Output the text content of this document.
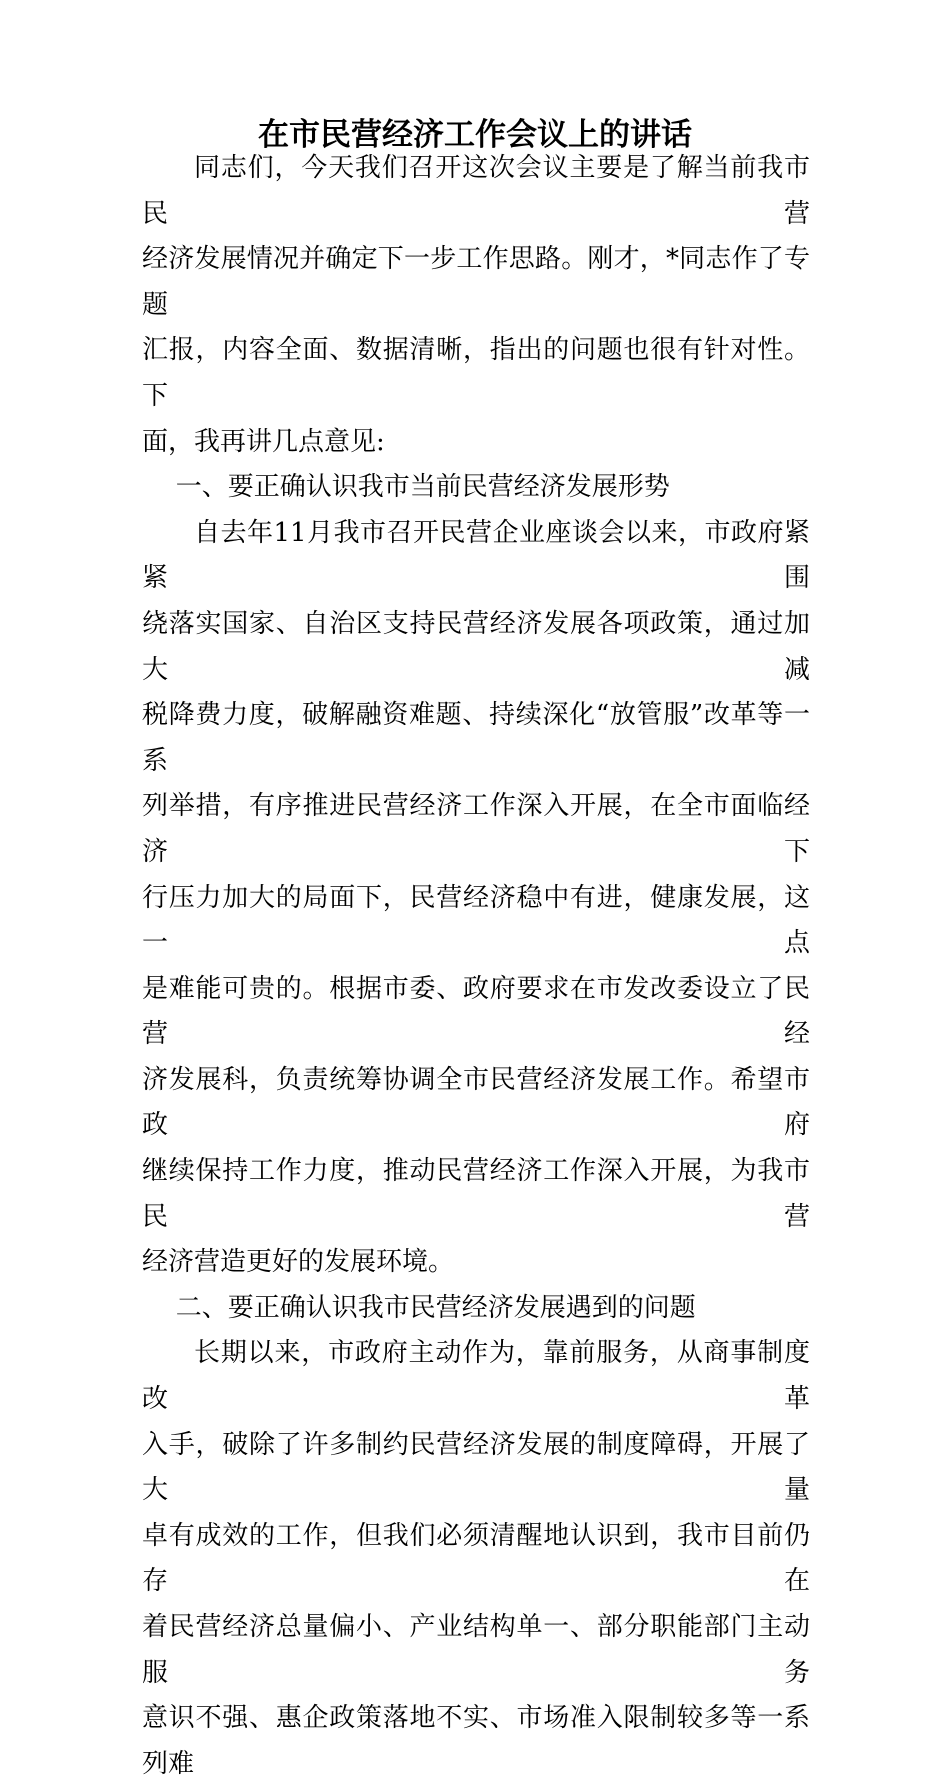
在市民营经济工作会议上的讲话
同志们，今天我们召开这次会议主要是了解当前我市民营
经济发展情况并确定下一步工作思路。刚才，*同志作了专题
汇报，内容全面、数据清晰，指出的问题也很有针对性。下
面，我再讲几点意见:
一、要正确认识我市当前民营经济发展形势
自去年11月我市召开民营企业座谈会以来，市政府紧紧围
绕落实国家、自治区支持民营经济发展各项政策，通过加大减
税降费力度，破解融资难题、持续深化“放管服”改革等一系
列举措，有序推进民营经济工作深入开展，在全市面临经济下
行压力加大的局面下，民营经济稳中有进，健康发展，这一点
是难能可贵的。根据市委、政府要求在市发改委设立了民营经
济发展科，负责统筹协调全市民营经济发展工作。希望市政府
继续保持工作力度，推动民营经济工作深入开展，为我市民营
经济营造更好的发展环境。
二、要正确认识我市民营经济发展遇到的问题
长期以来，市政府主动作为，靠前服务，从商事制度改革
入手，破除了许多制约民营经济发展的制度障碍，开展了大量
卓有成效的工作，但我们必须清醒地认识到，我市目前仍存在
着民营经济总量偏小、产业结构单一、部分职能部门主动服务
意识不强、惠企政策落地不实、市场准入限制较多等一系列难
